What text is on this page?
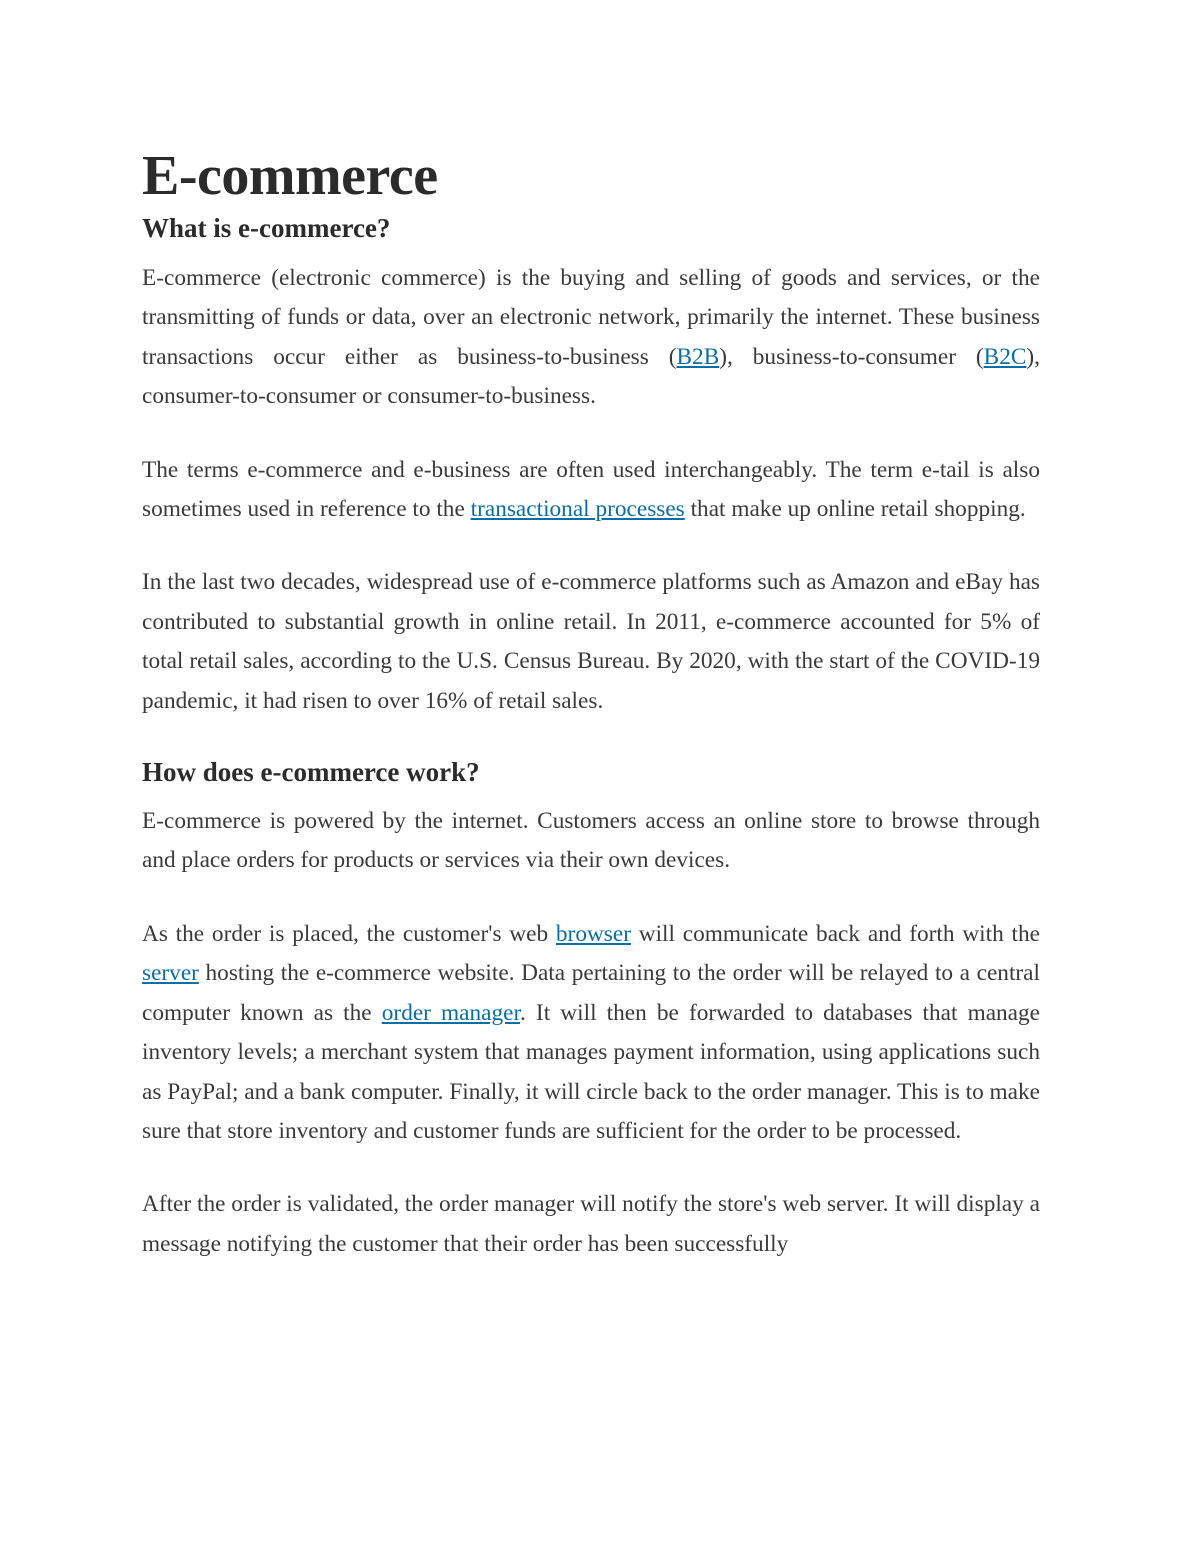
E-commerce
What is e-commerce?

E-commerce (electronic commerce) is the buying and selling of goods and services, or the transmitting of funds or data, over an electronic network, primarily the internet. These business transactions occur either as business-to-business (B2B), business-to-consumer (B2C), consumer-to-consumer or consumer-to-business.

The terms e-commerce and e-business are often used interchangeably. The term e-tail is also sometimes used in reference to the transactional processes that make up online retail shopping.

In the last two decades, widespread use of e-commerce platforms such as Amazon and eBay has contributed to substantial growth in online retail. In 2011, e-commerce accounted for 5% of total retail sales, according to the U.S. Census Bureau. By 2020, with the start of the COVID-19 pandemic, it had risen to over 16% of retail sales.

How does e-commerce work?

E-commerce is powered by the internet. Customers access an online store to browse through and place orders for products or services via their own devices.

As the order is placed, the customer's web browser will communicate back and forth with the server hosting the e-commerce website. Data pertaining to the order will be relayed to a central computer known as the order manager. It will then be forwarded to databases that manage inventory levels; a merchant system that manages payment information, using applications such as PayPal; and a bank computer. Finally, it will circle back to the order manager. This is to make sure that store inventory and customer funds are sufficient for the order to be processed.

After the order is validated, the order manager will notify the store's web server. It will display a message notifying the customer that their order has been successfully
